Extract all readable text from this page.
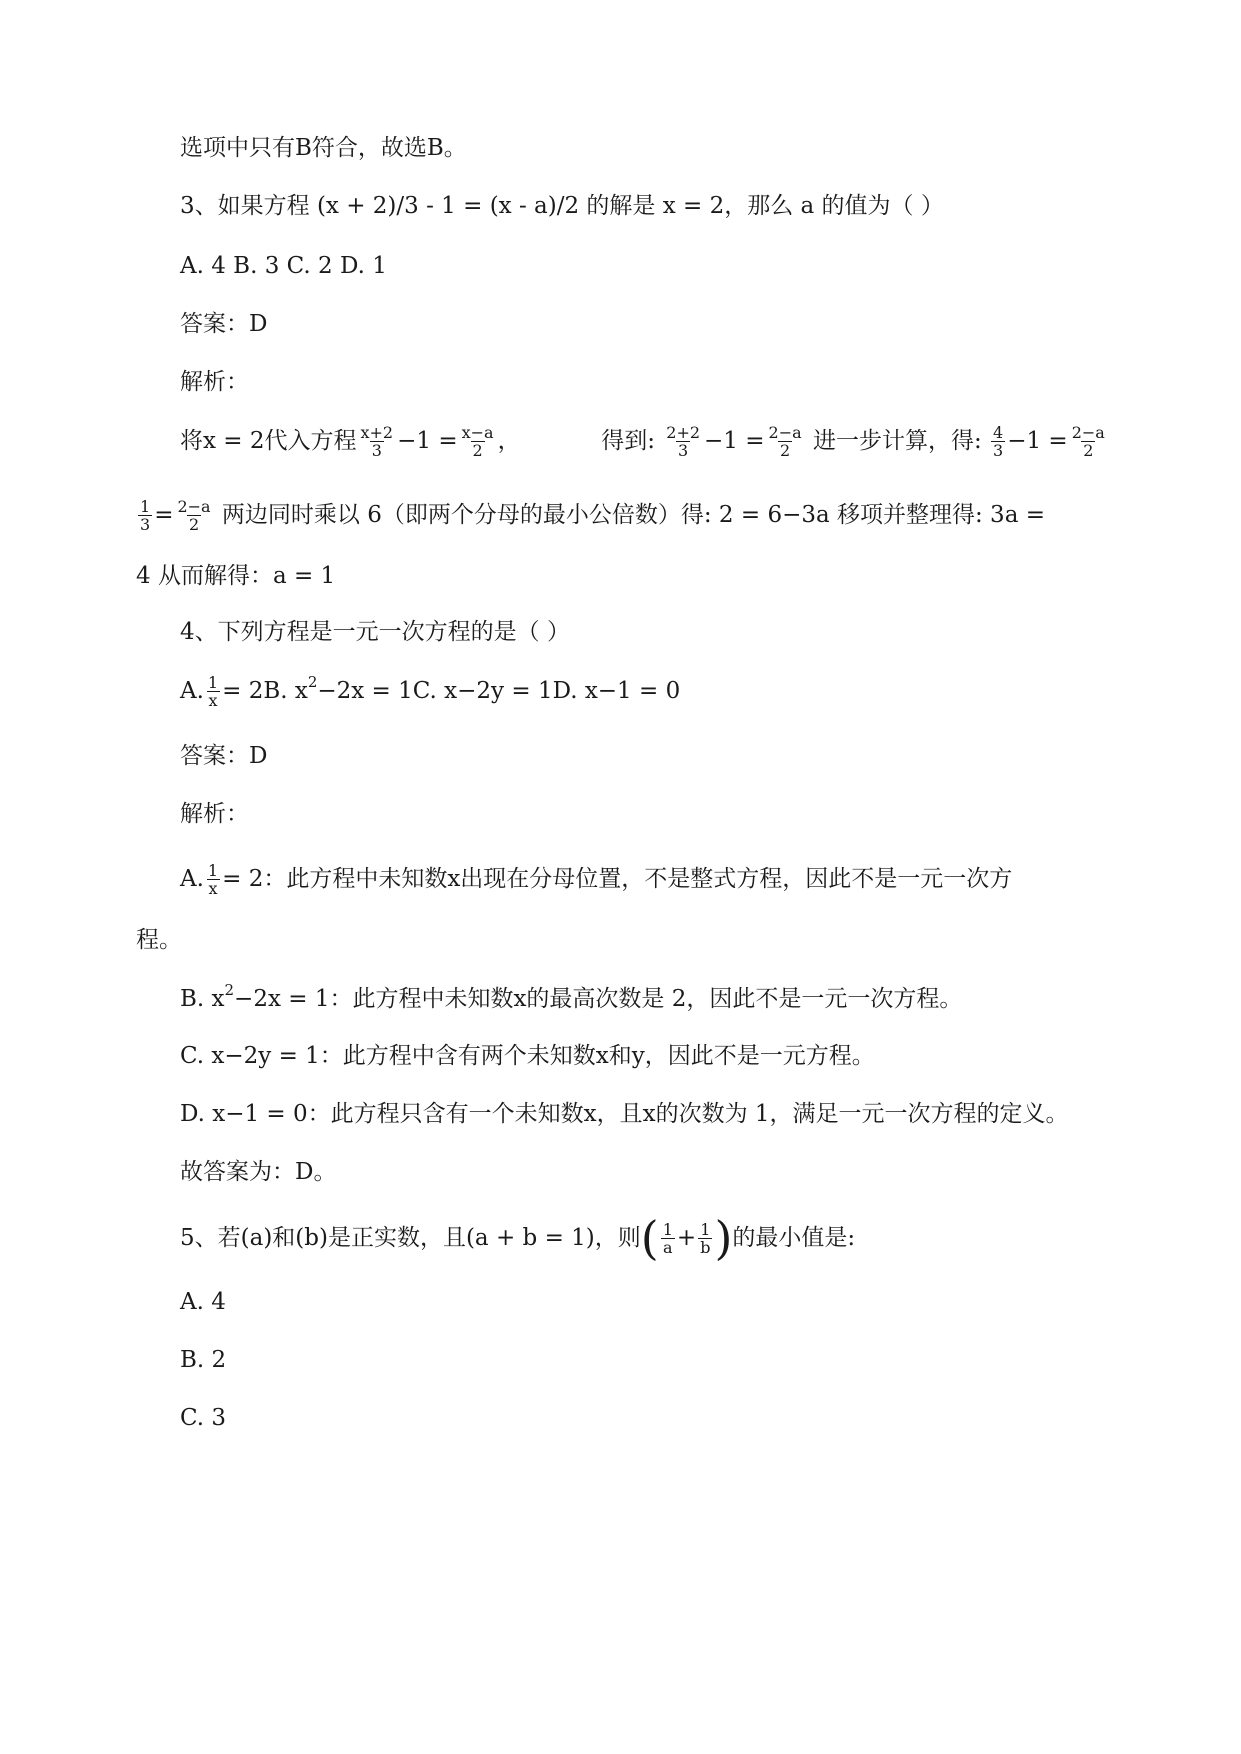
选项中只有B符合，故选B。
3、如果方程 (x + 2)/3 - 1 = (x - a)/2 的解是 x = 2，那么 a 的值为（ ）
A. 4 B. 3 C. 2 D. 1
答案：D
解析：
将x = 2代入方程 $\frac{x+2}{3} -1 = \frac{x-a}{2}$ ，	得到: $\frac{2+2}{3} -1 = \frac{2-a}{2}$ 进一步计算，得: $\frac{4}{3} -1 = \frac{2-a}{2}$
$\frac{1}{3} = \frac{2-a}{2}$ 两边同时乘以 6（即两个分母的最小公倍数）得: 2 = 6−3a 移项并整理得: 3a =
4 从而解得：a = 1
4、下列方程是一元一次方程的是（ ）
A. $\frac{1}{x} = 2B$. $x^2-2x = 1C$. x−2y = 1D. x−1 = 0
答案：D
解析：
A. $\frac{1}{x} = 2$：此方程中未知数x出现在分母位置，不是整式方程，因此不是一元一次方
程。
B. $x^2-2x = 1$：此方程中未知数x的最高次数是 2，因此不是一元一次方程。
C. x−2y = 1：此方程中含有两个未知数x和y，因此不是一元方程。
D. x−1 = 0：此方程只含有一个未知数x，且x的次数为 1，满足一元一次方程的定义。
故答案为：D。
5、若(a)和(b)是正实数，且(a + b = 1)，则( $\frac{1}{a} + \frac{1}{b}$ )的最小值是:
A. 4
B. 2
C. 3
